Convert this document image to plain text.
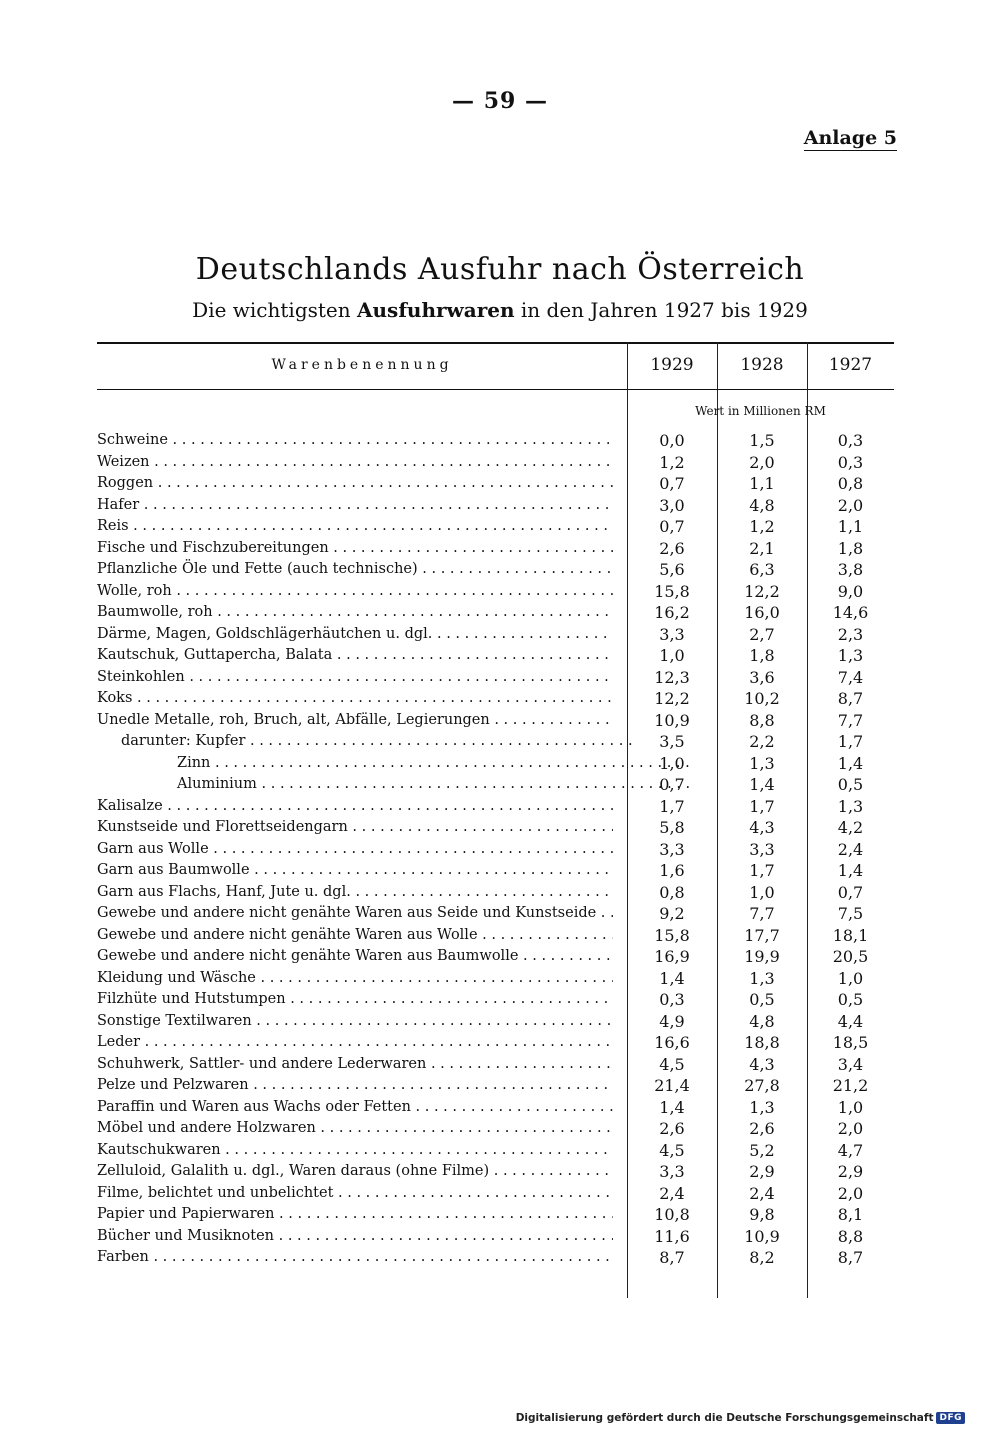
— 59 —
Anlage 5
Deutschlands Ausfuhr nach Österreich
Die wichtigsten Ausfuhrwaren in den Jahren 1927 bis 1929
Warenbenennung	1929	1928	1927
Wert in Millionen RM
Schweine . . .	0,0	1,5	0,3
Weizen . . .	1,2	2,0	0,3
Roggen . . .	0,7	1,1	0,8
Hafer . . .	3,0	4,8	2,0
Reis . . .	0,7	1,2	1,1
Fische und Fischzubereitungen . . .	2,6	2,1	1,8
Pflanzliche Öle und Fette (auch technische) . . .	5,6	6,3	3,8
Wolle, roh . . .	15,8	12,2	9,0
Baumwolle, roh . . .	16,2	16,0	14,6
Därme, Magen, Goldschlägerhäutchen u. dgl. . . .	3,3	2,7	2,3
Kautschuk, Guttapercha, Balata . . .	1,0	1,8	1,3
Steinkohlen . . .	12,3	3,6	7,4
Koks . . .	12,2	10,2	8,7
Unedle Metalle, roh, Bruch, alt, Abfälle, Legierungen . . .	10,9	8,8	7,7
darunter: Kupfer . . .	3,5	2,2	1,7
Zinn . . .	1,0	1,3	1,4
Aluminium . . .	0,7	1,4	0,5
Kalisalze . . .	1,7	1,7	1,3
Kunstseide und Florettseidengarn . . .	5,8	4,3	4,2
Garn aus Wolle . . .	3,3	3,3	2,4
Garn aus Baumwolle . . .	1,6	1,7	1,4
Garn aus Flachs, Hanf, Jute u. dgl. . . .	0,8	1,0	0,7
Gewebe und andere nicht genähte Waren aus Seide und Kunstseide . . .	9,2	7,7	7,5
Gewebe und andere nicht genähte Waren aus Wolle . . .	15,8	17,7	18,1
Gewebe und andere nicht genähte Waren aus Baumwolle . . .	16,9	19,9	20,5
Kleidung und Wäsche . . .	1,4	1,3	1,0
Filzhüte und Hutstumpen . . .	0,3	0,5	0,5
Sonstige Textilwaren . . .	4,9	4,8	4,4
Leder . . .	16,6	18,8	18,5
Schuhwerk, Sattler- und andere Lederwaren . . .	4,5	4,3	3,4
Pelze und Pelzwaren . . .	21,4	27,8	21,2
Paraffin und Waren aus Wachs oder Fetten . . .	1,4	1,3	1,0
Möbel und andere Holzwaren . . .	2,6	2,6	2,0
Kautschukwaren . . .	4,5	5,2	4,7
Zelluloid, Galalith u. dgl., Waren daraus (ohne Filme) . . .	3,3	2,9	2,9
Filme, belichtet und unbelichtet . . .	2,4	2,4	2,0
Papier und Papierwaren . . .	10,8	9,8	8,1
Bücher und Musiknoten . . .	11,6	10,9	8,8
Farben . . .	8,7	8,2	8,7
Digitalisierung gefördert durch die Deutsche Forschungsgemeinschaft DFG
